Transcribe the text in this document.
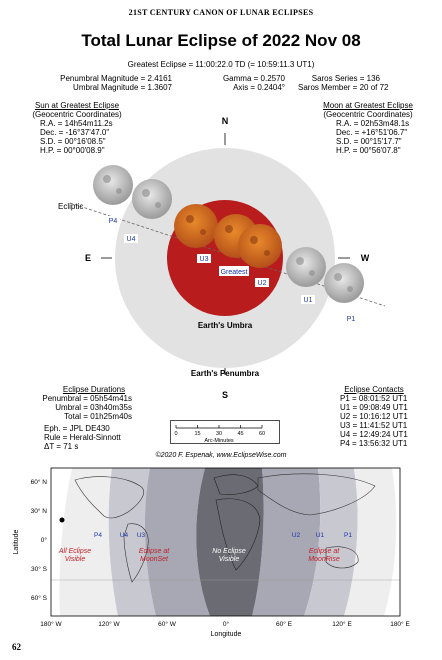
21ST CENTURY CANON OF LUNAR ECLIPSES
Total Lunar Eclipse of 2022 Nov 08
Greatest Eclipse = 11:00:22.0 TD (= 10:59:11.3 UT1)
Penumbral Magnitude = 2.4161
Umbral Magnitude = 1.3607
Gamma = 0.2570
Axis = 0.2404°
Saros Series = 136
Saros Member = 20 of 72
Sun at Greatest Eclipse
(Geocentric Coordinates)
R.A. = 14h54m11.2s
Dec. = -16°37'47.0"
S.D. = 00°16'08.5"
H.P. = 00°00'08.9"
Moon at Greatest Eclipse
(Geocentric Coordinates)
R.A. = 02h53m48.1s
Dec. = +16°51'06.7"
S.D. = 00°15'17.7"
H.P. = 00°56'07.8"
N
S
E	W
Ecliptic
Earth's Umbra
Earth's Penumbra
Greatest
P4
U4
U3
U2
U1
P1
Eclipse Durations
Penumbral = 05h54m41s
Umbral = 03h40m35s
Total = 01h25m40s
Eph. = JPL DE430
Rule = Herald-Sinnott
ΔT = 71 s
Eclipse Contacts
P1 = 08:01:52 UT1
U1 = 09:08:49 UT1
U2 = 10:16:12 UT1
U3 = 11:41:52 UT1
U4 = 12:49:24 UT1
P4 = 13:56:32 UT1
0	15	30	45	60
Arc-Minutes
©2020 F. Espenak, www.EclipseWise.com
60° N
30° N
0°
30° S
60° S
Latitude
180° W	120° W	60° W	0°	60° E	120° E	180° E
Longitude
P4	U4 U3	U2 U1	P1
All Eclipse Visible
Eclipse at MoonSet
No Eclipse Visible
Eclipse at MoonRise
62
